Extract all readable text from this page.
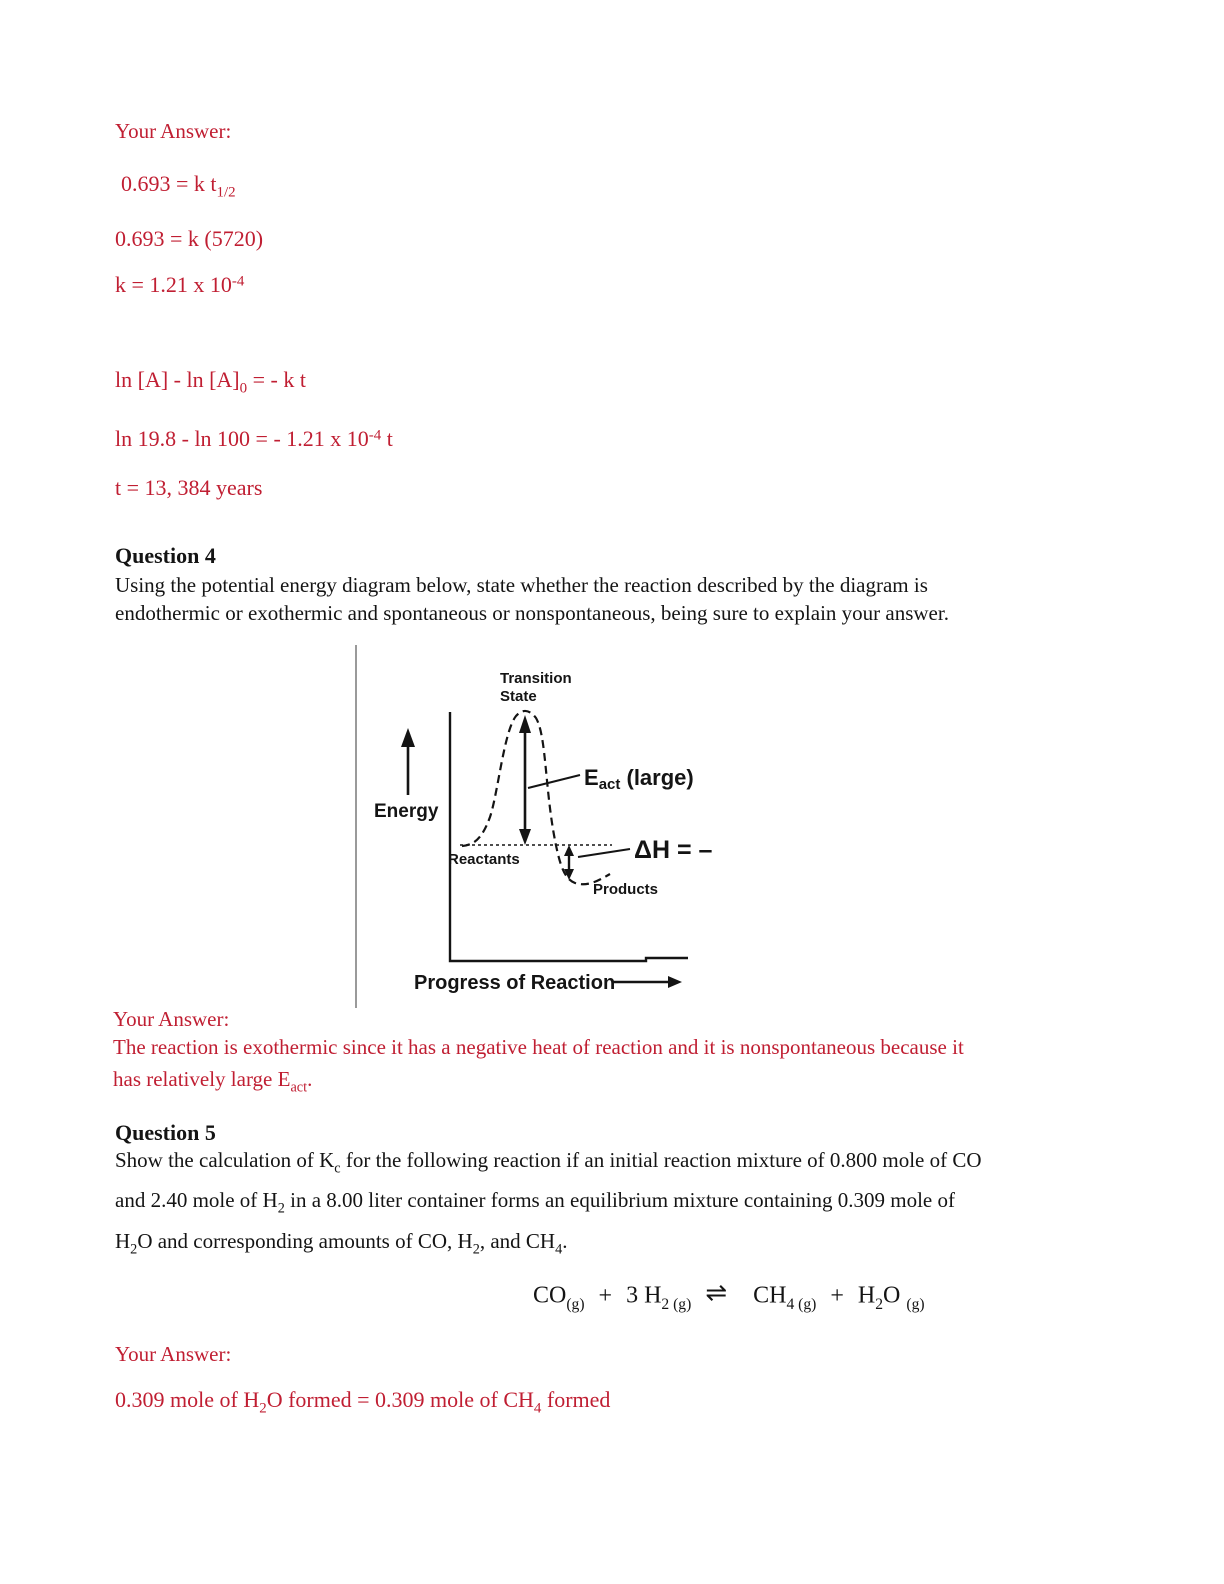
Your Answer:
0.693 = k $t_{1/2}$
0.693 = k (5720)
k = 1.21 x $10^{-4}$
$\ln [A] - \ln [A]_0$ = - k t
ln 19.8 - ln 100 = - 1.21 x $10^{-4}$ t
t = 13, 384 years
Question 4
Using the potential energy diagram below, state whether the reaction described by the diagram is
endothermic or exothermic and spontaneous or nonspontaneous, being sure to explain your answer.
Transition
State
Energy
Eact (large)
ΔH = –
Reactants
Products
Progress of Reaction
Your Answer:
The reaction is exothermic since it has a negative heat of reaction and it is nonspontaneous because it
has relatively large $E_{act}$.
Question 5
Show the calculation of $K_c$ for the following reaction if an initial reaction mixture of 0.800 mole of CO
and 2.40 mole of $H_2$ in a 8.00 liter container forms an equilibrium mixture containing 0.309 mole of
$H_2O$ and corresponding amounts of CO, $H_2$, and $CH_4$.
$CO_{(g)} + 3$ $H_{2 (g)}$ ⇌ $CH_{4 (g)} + H_2O$ $_{(g)}$
Your Answer:
0.309 mole of $H_2O$ formed = 0.309 mole of $CH_4$ formed
